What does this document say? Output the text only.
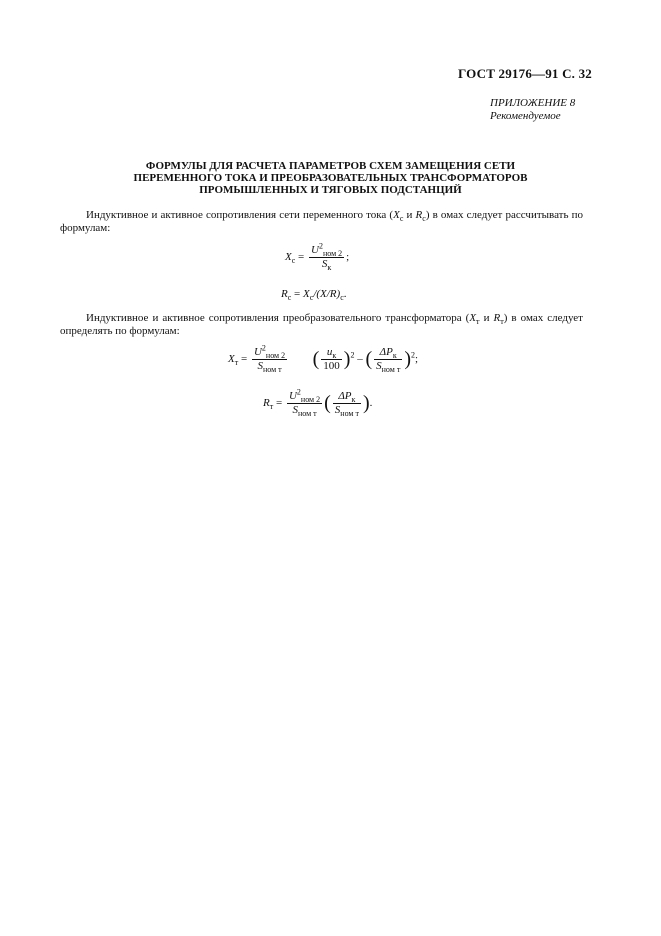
ГОСТ 29176—91 С. 32
ПРИЛОЖЕНИЕ 8
Рекомендуемое
ФОРМУЛЫ ДЛЯ РАСЧЕТА ПАРАМЕТРОВ СХЕМ ЗАМЕЩЕНИЯ СЕТИ
ПЕРЕМЕННОГО ТОКА И ПРЕОБРАЗОВАТЕЛЬНЫХ ТРАНСФОРМАТОРОВ
ПРОМЫШЛЕННЫХ И ТЯГОВЫХ ПОДСТАНЦИЙ

Индуктивное и активное сопротивления сети переменного тока ($X_с$ и $R_с$) в омах следует рассчитывать по формулам:

$X_с = \frac{U^2_{ном 2}}{S_к}$ ;
$R_с = X_с/(X/R)_с$.

Индуктивное и активное сопротивления преобразовательного трансформатора ($X_т$ и $R_т$) в омах следует определять по формулам:

$X_т = \frac{U^2_{ном 2}}{S_{ном т}}$ ( $\frac{u_к}{100} )^2$ – ( $\frac{\Delta P_к}{S_{ном т}} )^2$;
$R_т = \frac{U^2_{ном 2}}{S_{ном т}}$ ( $\frac{\Delta P_к}{S_{ном т}}$ ).
